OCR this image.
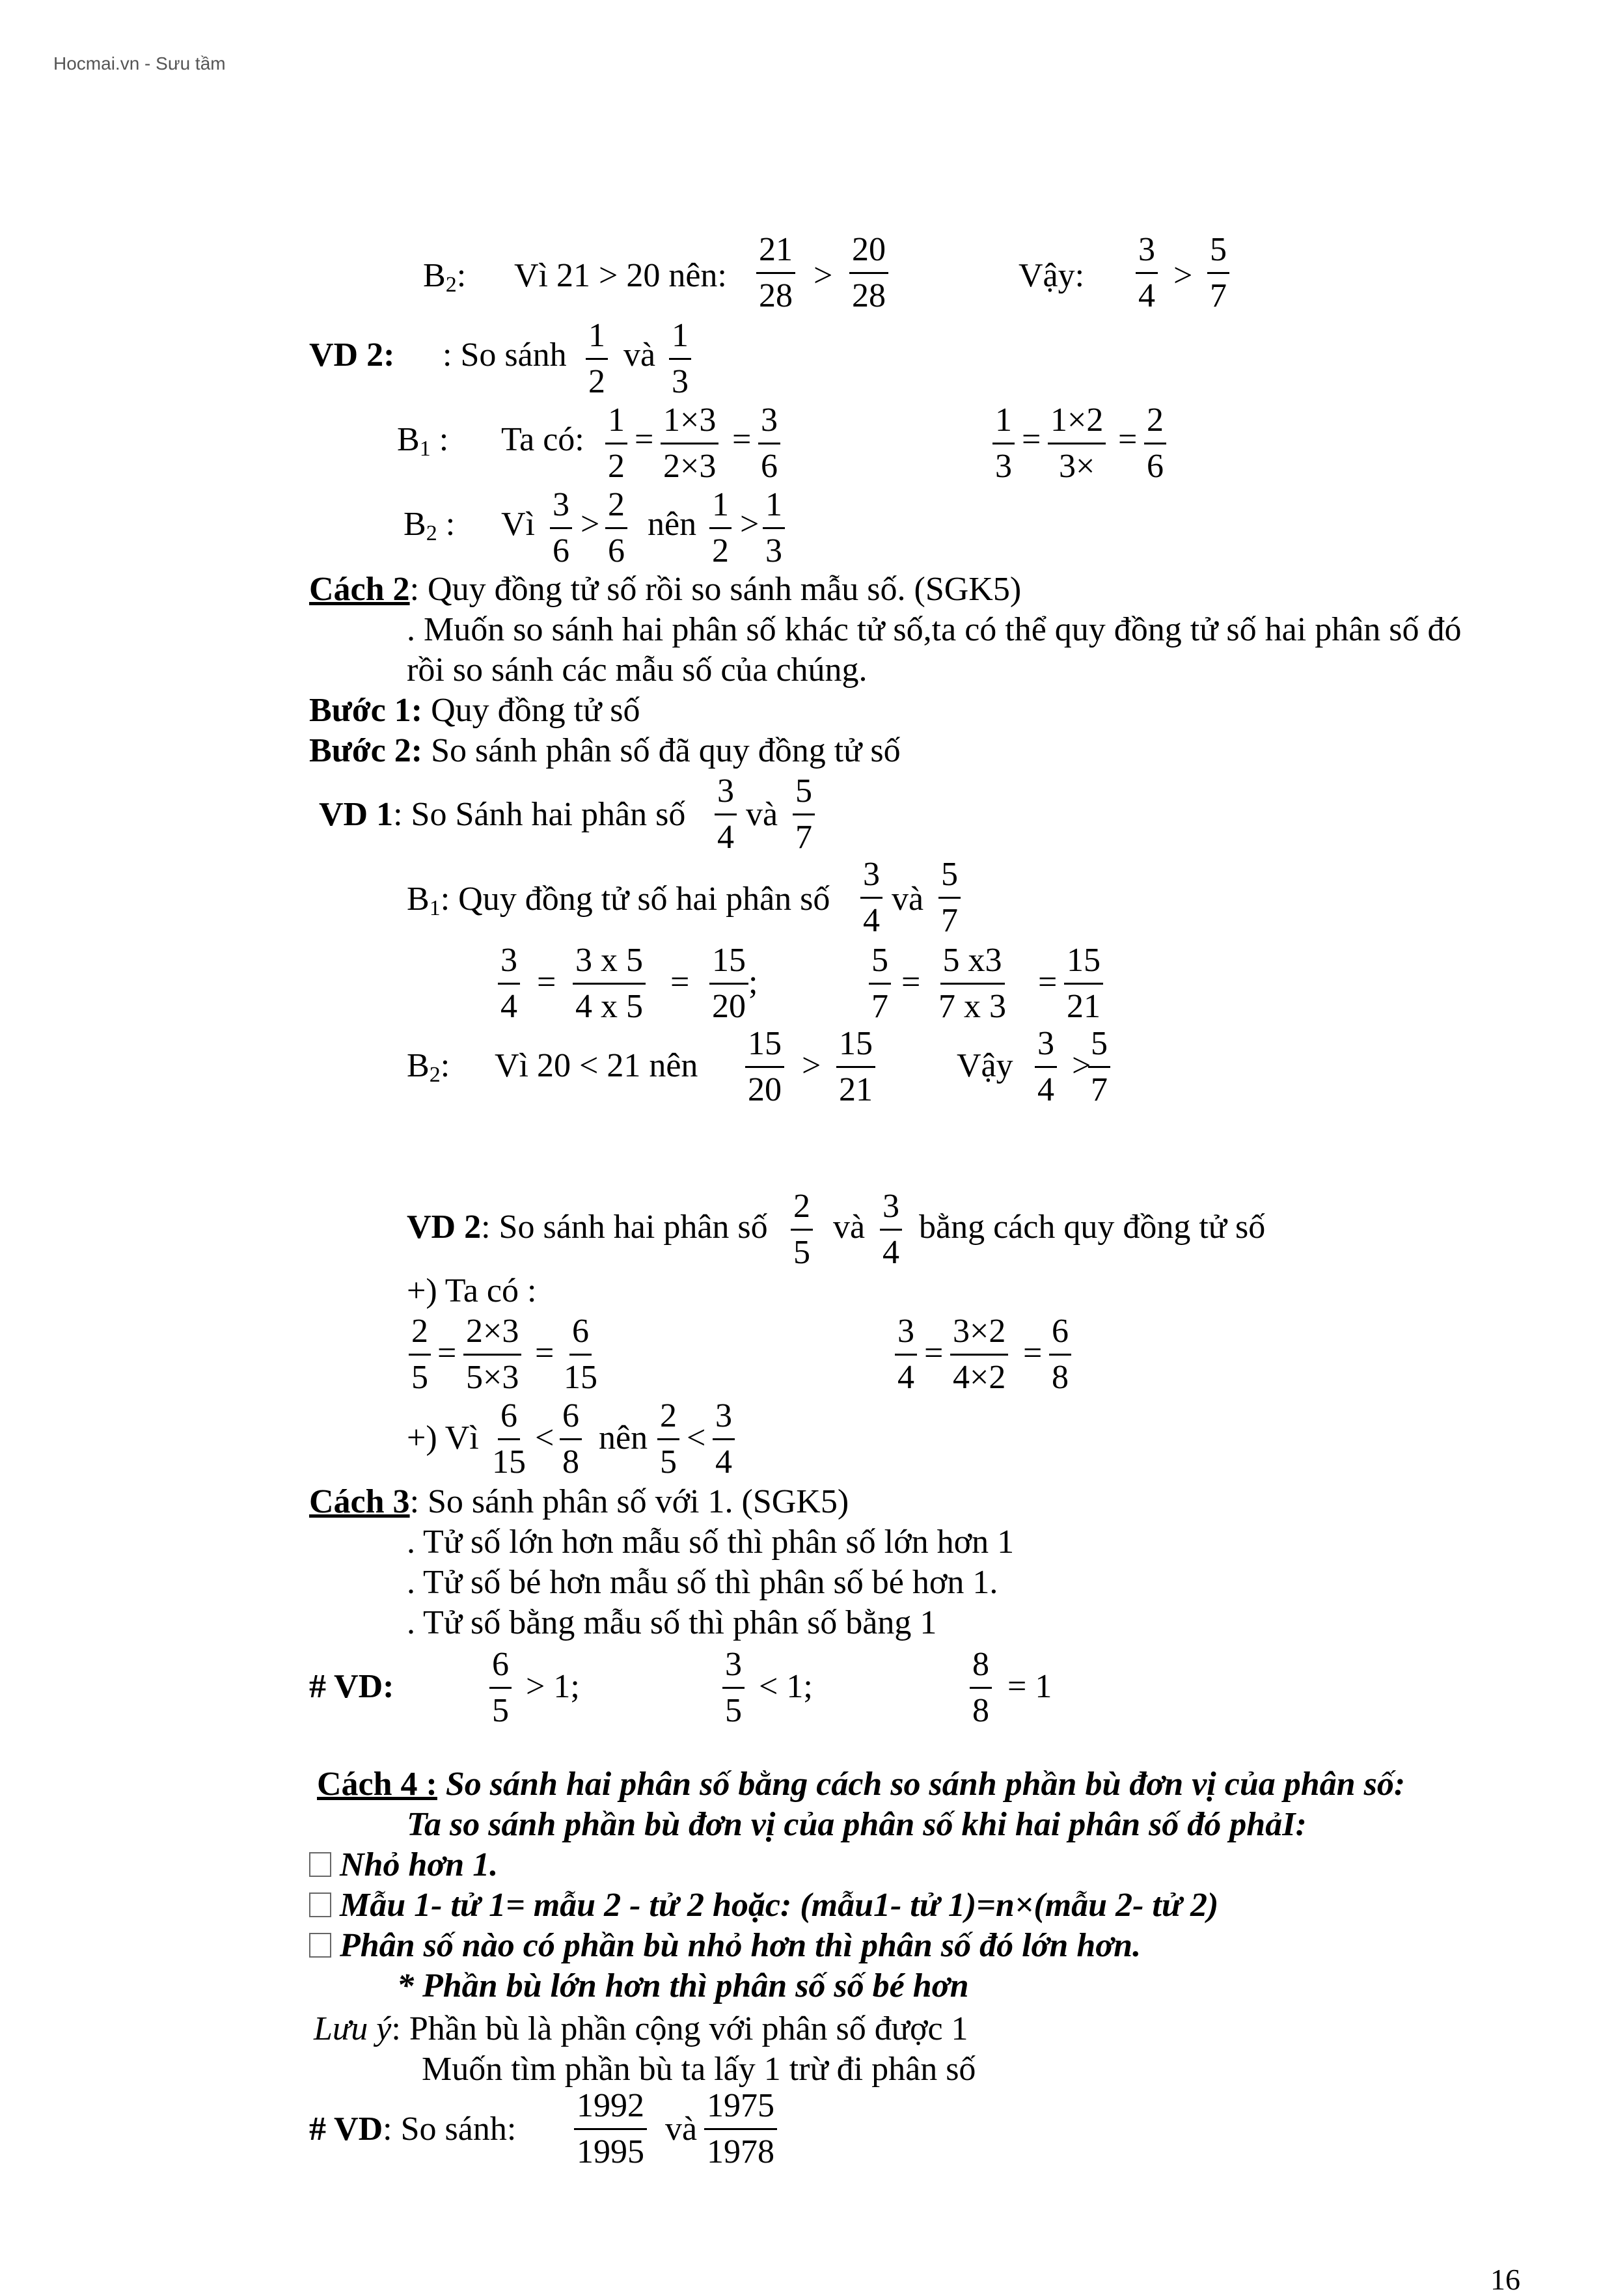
Hocmai.vn - Sưu tầm
16
$B_2$: Vì 21 > 20 nên:
21
28
>
20
28
Vậy:
3
4
>
5
7
VD 2: : So sánh
1
2
và
1
3
$B_1$ : Ta có:
1
2
=
1×3
2×3
=
3
6
1
3
=
1×2
3×
=
2
6
$B_2$ : Vì
3
6
>
2
6
nên
1
2
>
1
3
Cách 2: Quy đồng tử số rồi so sánh mẫu số. (SGK5)
. Muốn so sánh hai phân số khác tử số,ta có thể quy đồng tử số hai phân số đó
rồi so sánh các mẫu số của chúng.
Bước 1: Quy đồng tử số
Bước 2: So sánh phân số đã quy đồng tử số
VD 1: So Sánh hai phân số
3
4
và
5
7
$B_1$: Quy đồng tử số hai phân số
3
4
và
5
7
3
4
=
3 x 5
4 x 5
=
15
20
;
5
7
=
5 x3
7 x 3
=
15
21
$B_2$: Vì 20 < 21 nên
15
20
>
15
21
Vậy
3
4
>
5
7
VD 2: So sánh hai phân số
2
5
và
3
4
bằng cách quy đồng tử số
+) Ta có :
2
5
=
2×3
5×3
=
6
15
3
4
=
3×2
4×2
=
6
8
+) Vì
6
15
<
6
8
nên
2
5
<
3
4
Cách 3: So sánh phân số với 1. (SGK5)
. Tử số lớn hơn mẫu số thì phân số lớn hơn 1
. Tử số bé hơn mẫu số thì phân số bé hơn 1.
. Tử số bằng mẫu số thì phân số bằng 1
# VD:
6
5
> 1;
3
5
< 1;
8
8
= 1
Cách 4 : So sánh hai phân số bằng cách so sánh phần bù đơn vị của phân số:
Ta so sánh phần bù đơn vị của phân số khi hai phân số đó phảI:
Nhỏ hơn 1.
Mẫu 1- tử 1= mẫu 2 - tử 2 hoặc: (mẫu1- tử 1)=n×(mẫu 2- tử 2)
Phân số nào có phần bù nhỏ hơn thì phân số đó lớn hơn.
* Phần bù lớn hơn thì phân số số bé hơn
Lưu ý: Phần bù là phần cộng với phân số được 1
Muốn tìm phần bù ta lấy 1 trừ đi phân số
# VD: So sánh:
1992
1995
và
1975
1978
